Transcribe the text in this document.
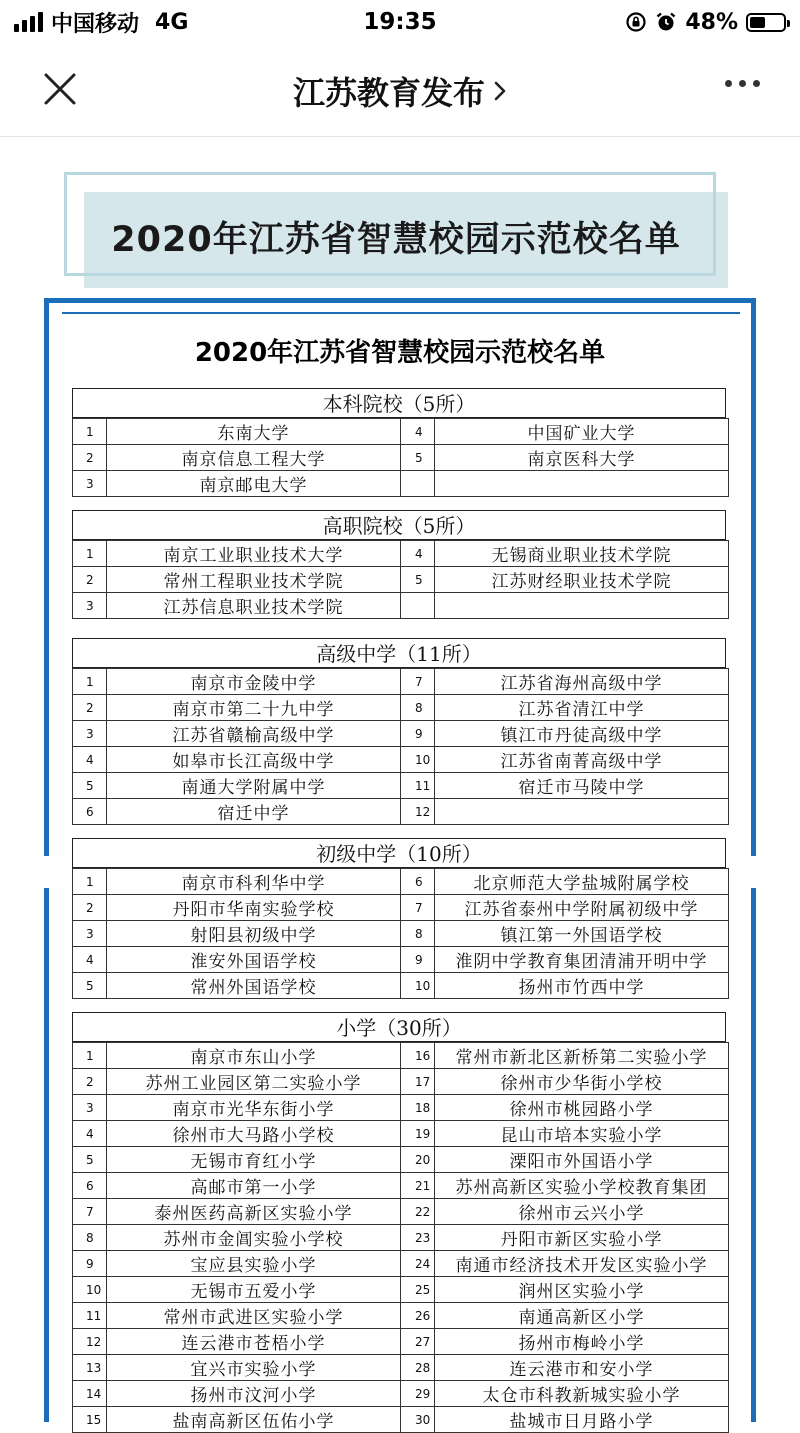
中国移动 4G	19:35	48%
江苏教育发布
2020年江苏省智慧校园示范校名单
2020年江苏省智慧校园示范校名单
本科院校（5所）
1	东南大学	4	中国矿业大学
2	南京信息工程大学	5	南京医科大学
3	南京邮电大学		
高职院校（5所）
1	南京工业职业技术大学	4	无锡商业职业技术学院
2	常州工程职业技术学院	5	江苏财经职业技术学院
3	江苏信息职业技术学院		
高级中学（11所）
1	南京市金陵中学	7	江苏省海州高级中学
2	南京市第二十九中学	8	江苏省清江中学
3	江苏省赣榆高级中学	9	镇江市丹徒高级中学
4	如皋市长江高级中学	10	江苏省南菁高级中学
5	南通大学附属中学	11	宿迁市马陵中学
6	宿迁中学	12	
初级中学（10所）
1	南京市科利华中学	6	北京师范大学盐城附属学校
2	丹阳市华南实验学校	7	江苏省泰州中学附属初级中学
3	射阳县初级中学	8	镇江第一外国语学校
4	淮安外国语学校	9	淮阴中学教育集团清浦开明中学
5	常州外国语学校	10	扬州市竹西中学
小学（30所）
1	南京市东山小学	16	常州市新北区新桥第二实验小学
2	苏州工业园区第二实验小学	17	徐州市少华街小学校
3	南京市光华东街小学	18	徐州市桃园路小学
4	徐州市大马路小学校	19	昆山市培本实验小学
5	无锡市育红小学	20	溧阳市外国语小学
6	高邮市第一小学	21	苏州高新区实验小学校教育集团
7	泰州医药高新区实验小学	22	徐州市云兴小学
8	苏州市金阊实验小学校	23	丹阳市新区实验小学
9	宝应县实验小学	24	南通市经济技术开发区实验小学
10	无锡市五爱小学	25	润州区实验小学
11	常州市武进区实验小学	26	南通高新区小学
12	连云港市苍梧小学	27	扬州市梅岭小学
13	宜兴市实验小学	28	连云港市和安小学
14	扬州市汶河小学	29	太仓市科教新城实验小学
15	盐南高新区伍佑小学	30	盐城市日月路小学
